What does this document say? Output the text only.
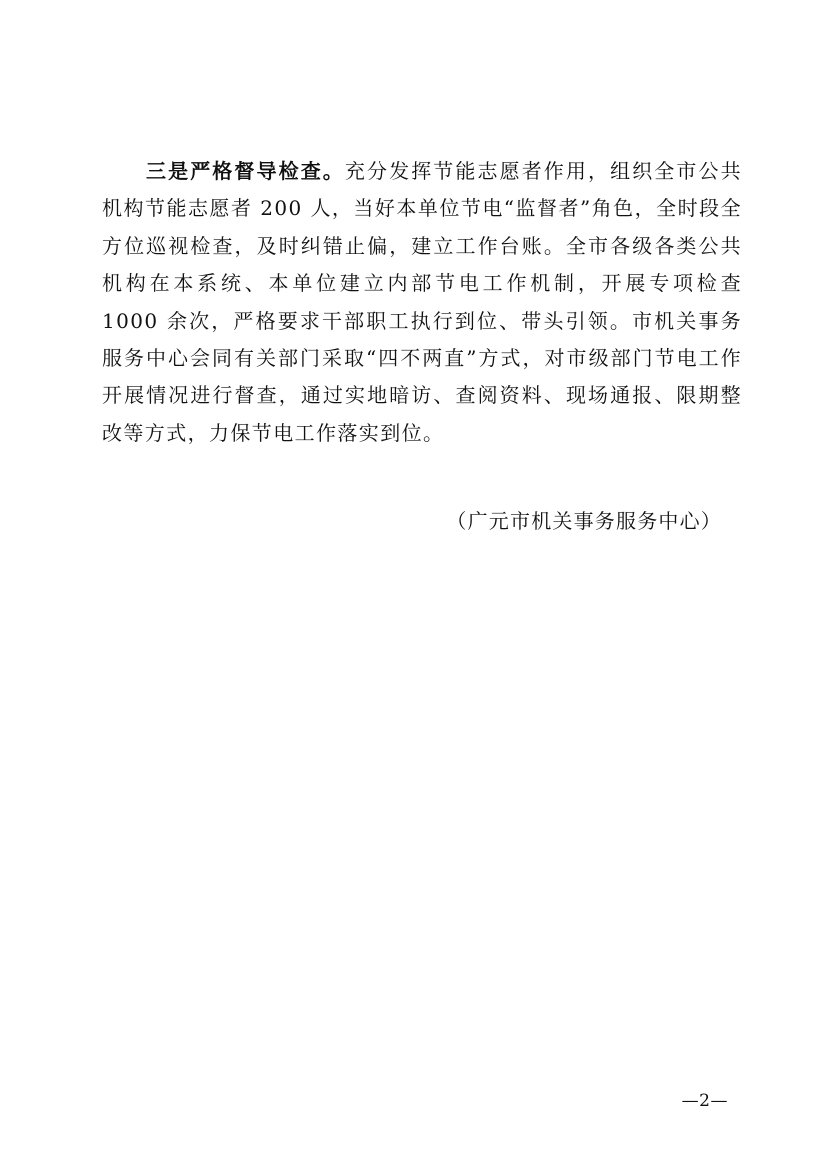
三是严格督导检查。充分发挥节能志愿者作用，组织全市公共机构节能志愿者 200 人，当好本单位节电“监督者”角色，全时段全方位巡视检查，及时纠错止偏，建立工作台账。全市各级各类公共机构在本系统、本单位建立内部节电工作机制，开展专项检查 1000 余次，严格要求干部职工执行到位、带头引领。市机关事务服务中心会同有关部门采取“四不两直”方式，对市级部门节电工作开展情况进行督查，通过实地暗访、查阅资料、现场通报、限期整改等方式，力保节电工作落实到位。

（广元市机关事务服务中心）
—2—
